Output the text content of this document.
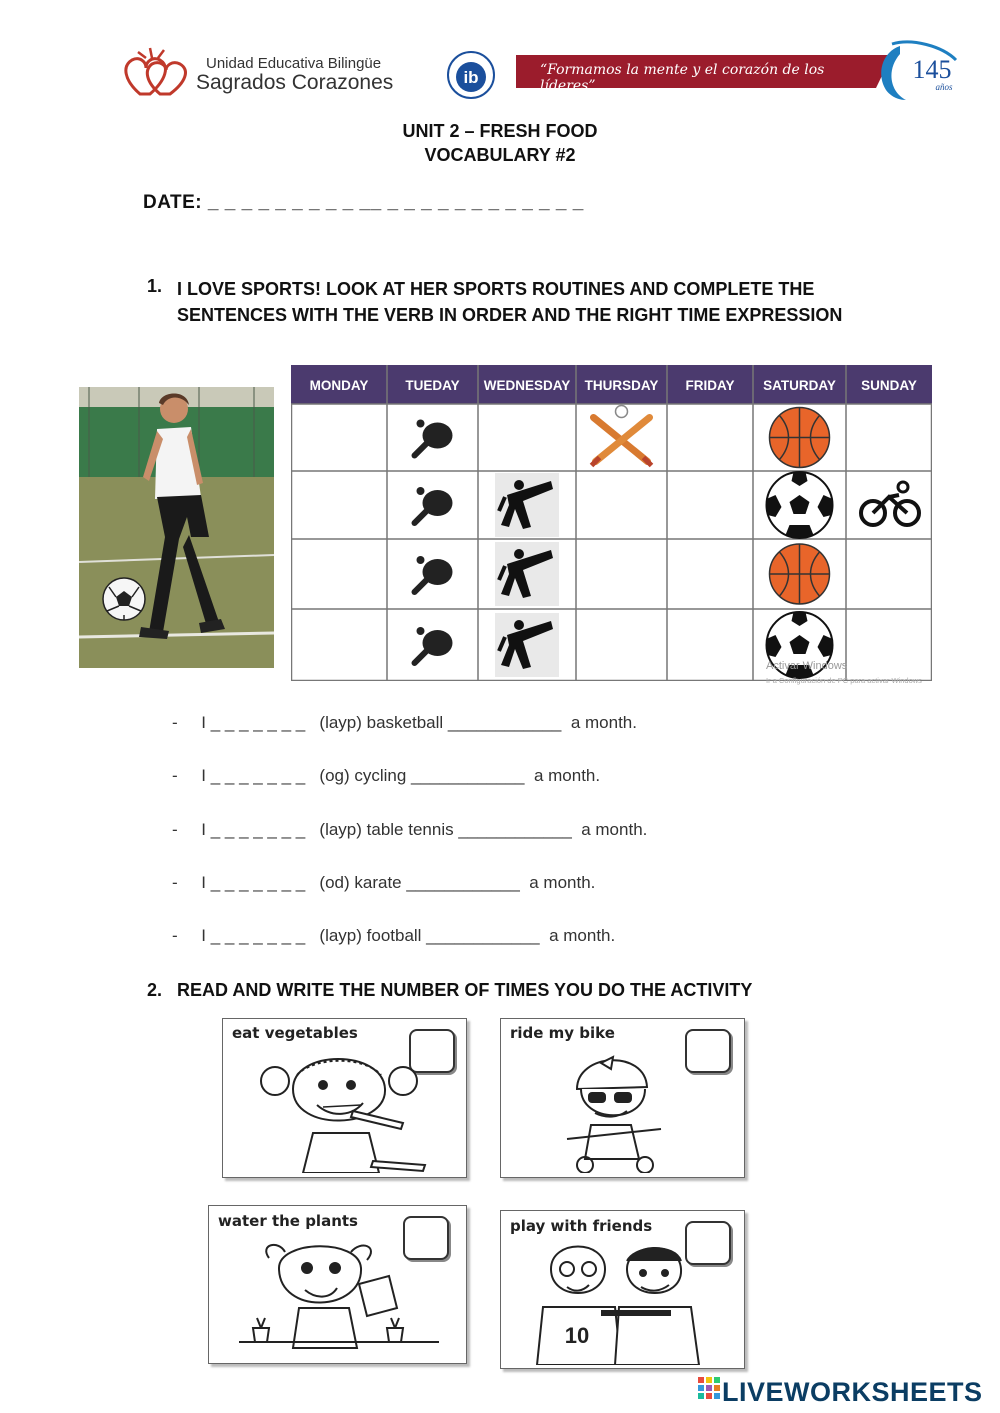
Unidad Educativa Bilingüe
Sagrados Corazones	ib	“Formamos la mente y el corazón de los líderes”
145
años
UNIT 2 – FRESH FOOD
VOCABULARY #2
DATE: _ _ _ _ _ _ _ _ _ __ _ _ _ _ _ _ _ _ _ _ _ _
1. I LOVE SPORTS! LOOK AT HER SPORTS ROUTINES AND COMPLETE THE SENTENCES WITH THE VERB IN ORDER AND THE RIGHT TIME EXPRESSION
MONDAY	TUEDAY WEDNESDAY THURSDAY FRIDAY SATURDAY SUNDAY
Activar Windows
Ir a Configuración de PC para activar Windows
-     I _ _ _ _ _ _ _   (layp) basketball ____________  a month.
-     I _ _ _ _ _ _ _   (og) cycling ____________  a month.
-     I _ _ _ _ _ _ _   (layp) table tennis ____________  a month.
-     I _ _ _ _ _ _ _   (od) karate ____________  a month.
-     I _ _ _ _ _ _ _   (layp) football ____________  a month.
2. READ AND WRITE THE NUMBER OF TIMES YOU DO THE ACTIVITY
eat vegetables	ride my bike
water the plants	play with friends
10
LIVEWORKSHEETS
